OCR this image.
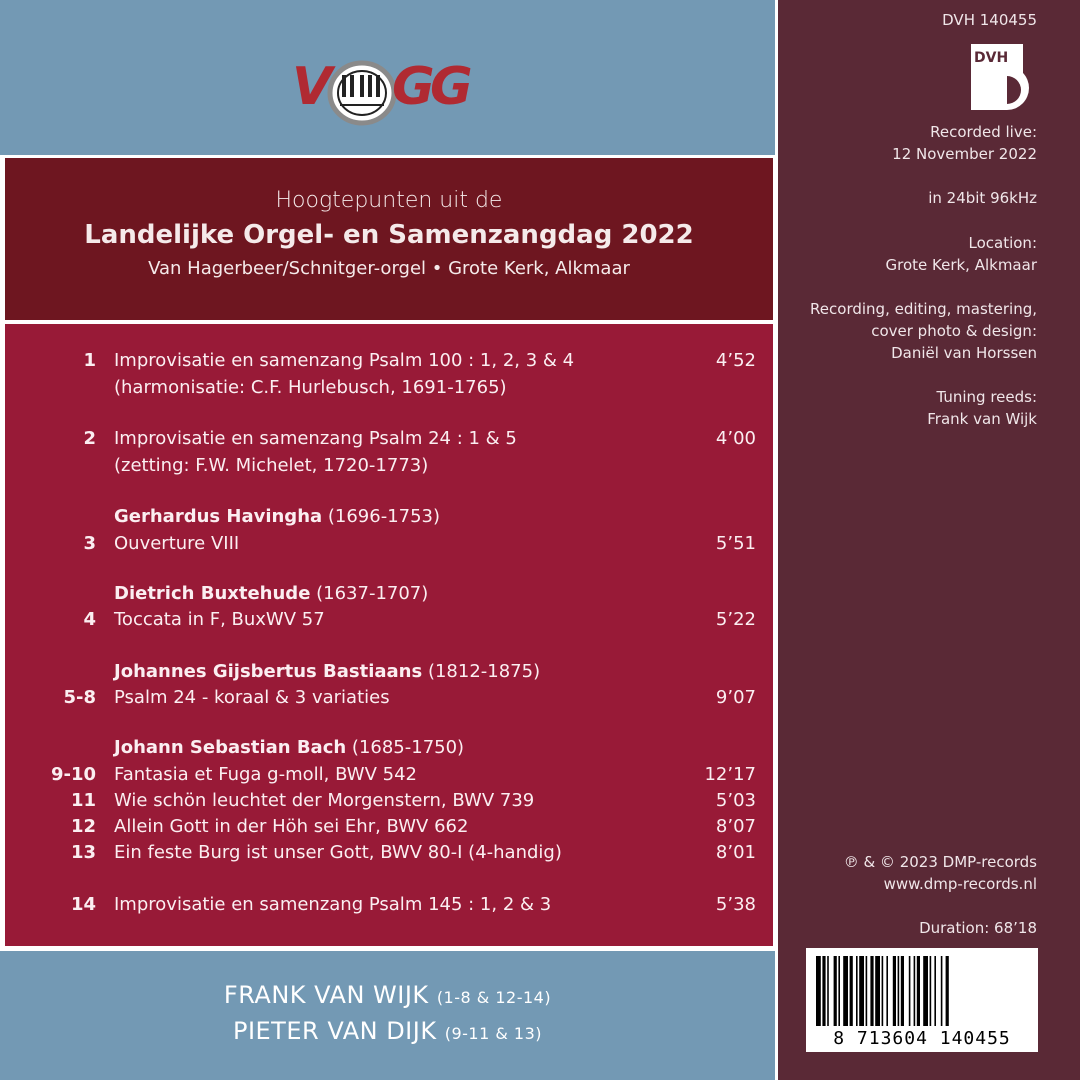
V G
G
Hoogtepunten uit de
Landelijke Orgel- en Samenzangdag 2022
Van Hagerbeer/Schnitger-orgel • Grote Kerk, Alkmaar
1 Improvisatie en samenzang Psalm 100 : 1, 2, 3 & 4	4’52
(harmonisatie: C.F. Hurlebusch, 1691-1765)
2 Improvisatie en samenzang Psalm 24 : 1 & 5	4’00
(zetting: F.W. Michelet, 1720-1773)
Gerhardus Havingha (1696-1753)
3 Ouverture VIII	5’51
Dietrich Buxtehude (1637-1707)
4 Toccata in F, BuxWV 57	5’22
Johannes Gijsbertus Bastiaans (1812-1875)
5-8 Psalm 24 - koraal & 3 variaties	9’07
Johann Sebastian Bach (1685-1750)
9-10 Fantasia et Fuga g-moll, BWV 542	12’17
11 Wie schön leuchtet der Morgenstern, BWV 739	5’03
12 Allein Gott in der Höh sei Ehr, BWV 662	8’07
13 Ein feste Burg ist unser Gott, BWV 80-I (4-handig)	8’01
14 Improvisatie en samenzang Psalm 145 : 1, 2 & 3	5’38
FRANK VAN WIJK (1-8 & 12-14)
PIETER VAN DIJK (9-11 & 13)
DVH 140455
DVH
Recorded live:
12 November 2022
in 24bit 96kHz
Location:
Grote Kerk, Alkmaar
Recording, editing, mastering,
cover photo & design:
Daniël van Horssen
Tuning reeds:
Frank van Wijk
℗ & © 2023 DMP-records
www.dmp-records.nl
Duration: 68’18
8 713604 140455
